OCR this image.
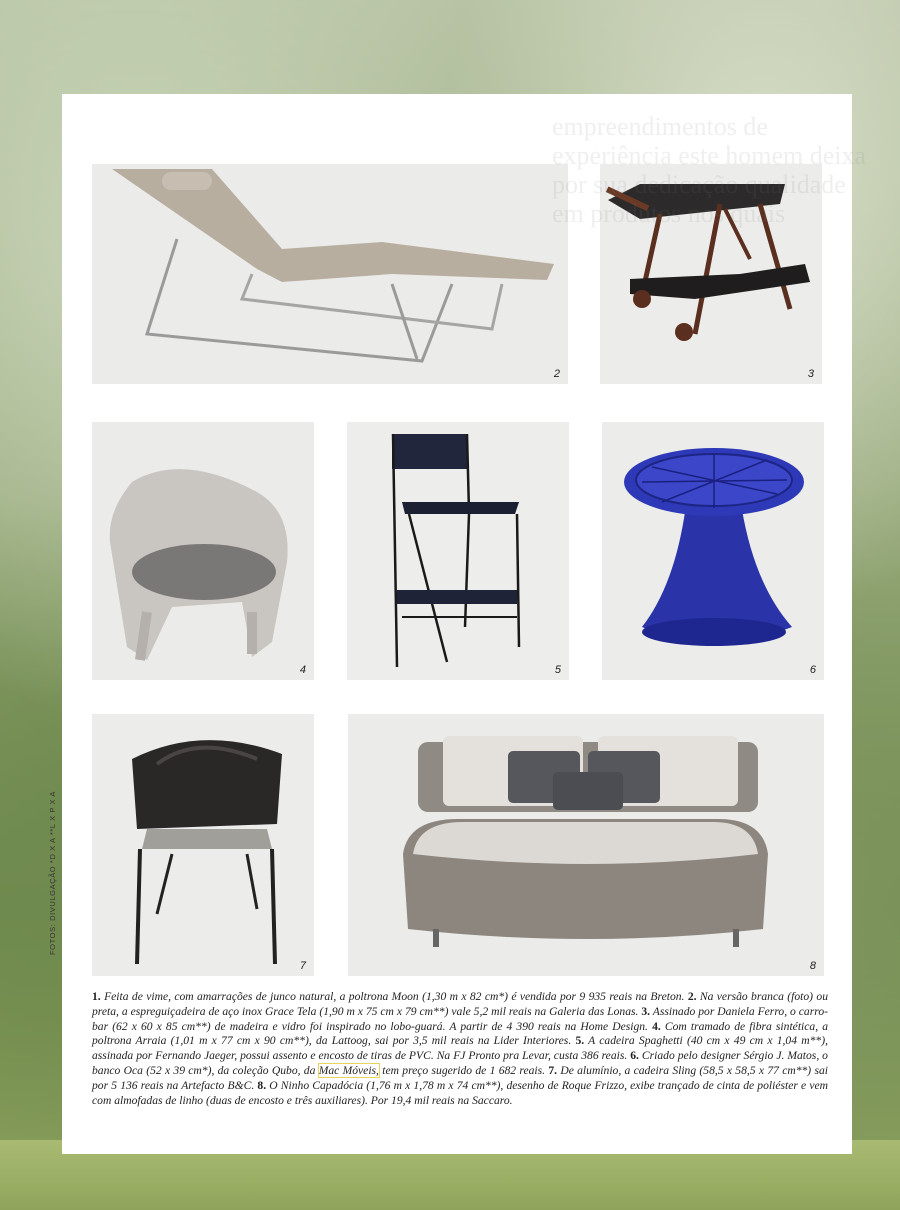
2	3
4	5	6
7	8
FOTOS: DIVULGAÇÃO *D X A **L X P X A
1. Feita de vime, com amarrações de junco natural, a poltrona Moon (1,30 m x 82 cm*) é vendida por 9 935 reais na Breton. 2. Na versão branca (foto) ou preta, a espreguiçadeira de aço inox Grace Tela (1,90 m x 75 cm x 79 cm**) vale 5,2 mil reais na Galeria das Lonas. 3. Assinado por Daniela Ferro, o carro-bar (62 x 60 x 85 cm**) de madeira e vidro foi inspirado no lobo-guará. A partir de 4 390 reais na Home Design. 4. Com tramado de fibra sintética, a poltrona Arraia (1,01 m x 77 cm x 90 cm**), da Lattoog, sai por 3,5 mil reais na Lider Interiores. 5. A cadeira Spaghetti (40 cm x 49 cm x 1,04 m**), assinada por Fernando Jaeger, possui assento e encosto de tiras de PVC. Na FJ Pronto pra Levar, custa 386 reais. 6. Criado pelo designer Sérgio J. Matos, o banco Oca (52 x 39 cm*), da coleção Qubo, da Mac Móveis, tem preço sugerido de 1 682 reais. 7. De alumínio, a cadeira Sling (58,5 x 58,5 x 77 cm**) sai por 5 136 reais na Artefacto B&C. 8. O Ninho Capadócia (1,76 m x 1,78 m x 74 cm**), desenho de Roque Frizzo, exibe trançado de cinta de poliéster e vem com almofadas de linho (duas de encosto e três auxiliares). Por 19,4 mil reais na Saccaro.
